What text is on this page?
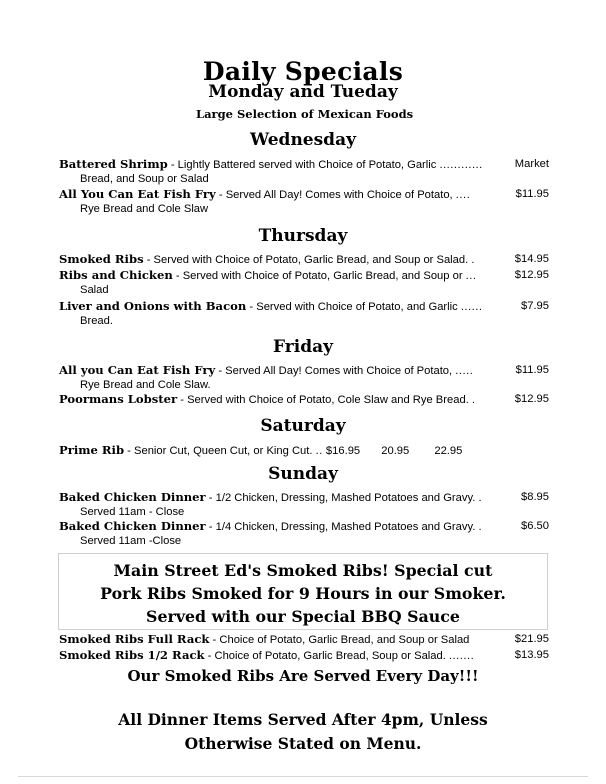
Daily Specials
Monday and Tueday
Large Selection of Mexican Foods
Wednesday
Battered Shrimp - Lightly Battered served with Choice of Potato, Garlic ............	Market
Bread, and Soup or Salad
All You Can Eat Fish Fry - Served All Day! Comes with Choice of Potato, ....	$11.95
Rye Bread and Cole Slaw
Thursday
Smoked Ribs - Served with Choice of Potato, Garlic Bread, and Soup or Salad. .	$14.95
Ribs and Chicken - Served with Choice of Potato, Garlic Bread, and Soup or ...	$12.95
Salad
Liver and Onions with Bacon - Served with Choice of Potato, and Garlic ......	$7.95
Bread.
Friday
All you Can Eat Fish Fry - Served All Day! Comes with Choice of Potato, .....	$11.95
Rye Bread and Cole Slaw.
Poormans Lobster - Served with Choice of Potato, Cole Slaw and Rye Bread. .	$12.95
Saturday
Prime Rib - Senior Cut, Queen Cut, or King Cut. .. $16.95 20.95 22.95
Sunday
Baked Chicken Dinner - 1/2 Chicken, Dressing, Mashed Potatoes and Gravy. .	$8.95
Served 11am - Close
Baked Chicken Dinner - 1/4 Chicken, Dressing, Mashed Potatoes and Gravy. .	$6.50
Served 11am -Close
Main Street Ed's Smoked Ribs! Special cut
Pork Ribs Smoked for 9 Hours in our Smoker.
Served with our Special BBQ Sauce
Smoked Ribs Full Rack - Choice of Potato, Garlic Bread, and Soup or Salad	$21.95
Smoked Ribs 1/2 Rack - Choice of Potato, Garlic Bread, Soup or Salad. .......	$13.95
Our Smoked Ribs Are Served Every Day!!!
All Dinner Items Served After 4pm, Unless
Otherwise Stated on Menu.
